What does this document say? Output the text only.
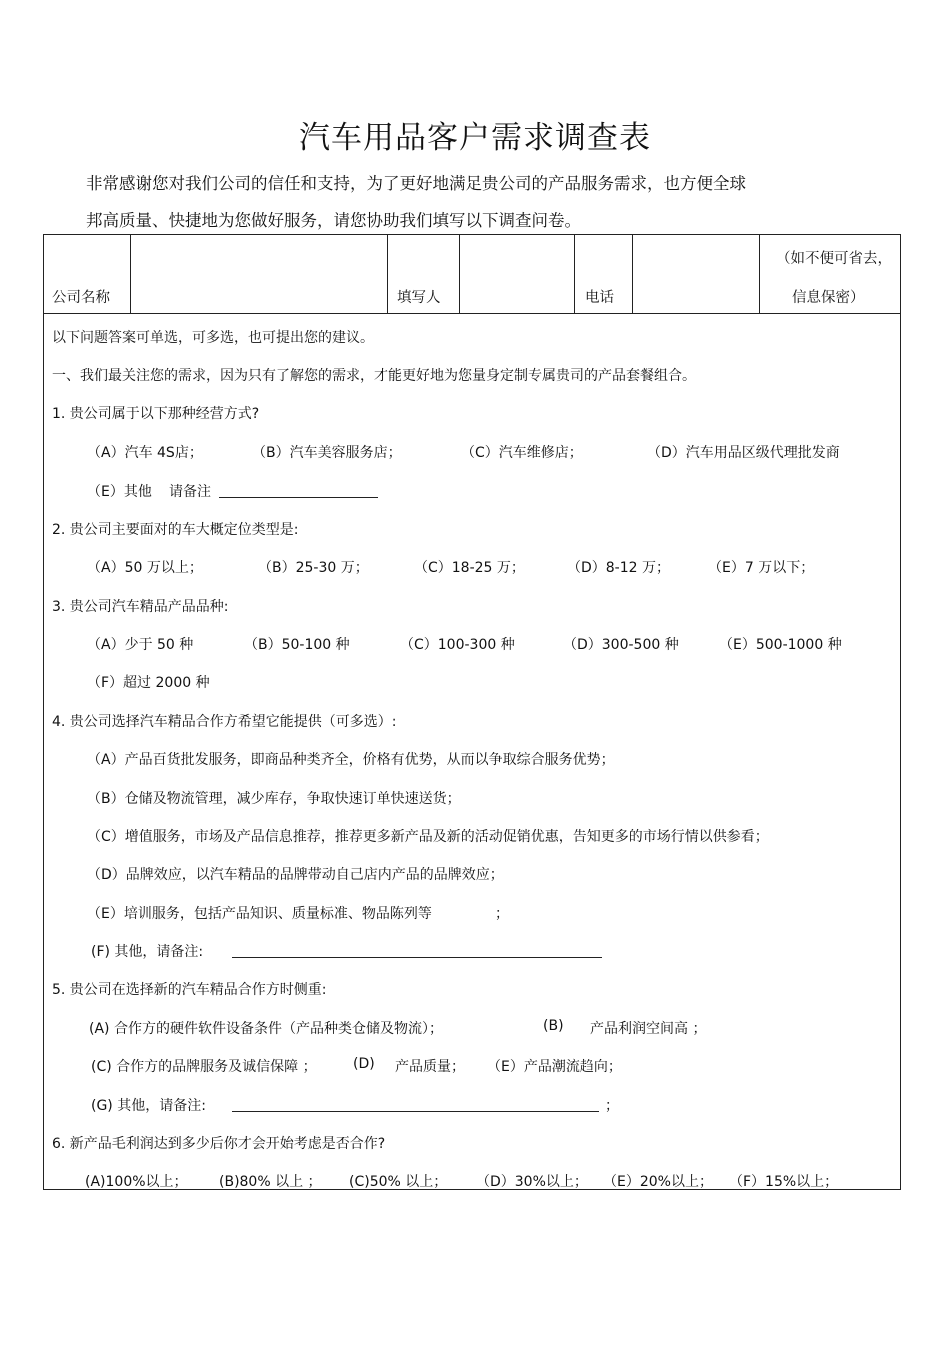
汽车用品客户需求调查表
非常感谢您对我们公司的信任和支持，为了更好地满足贵公司的产品服务需求，也方便全球
邦高质量、快捷地为您做好服务，请您协助我们填写以下调查问卷。
公司名称	填写人	电话
（如不便可省去，
信息保密）
以下问题答案可单选，可多选，也可提出您的建议。
一、我们最关注您的需求，因为只有了解您的需求，才能更好地为您量身定制专属贵司的产品套餐组合。
1. 贵公司属于以下那种经营方式?
（A）汽车 4S店；	（B）汽车美容服务店；	（C）汽车维修店；	（D）汽车用品区级代理批发商
（E）其他 请备注
2. 贵公司主要面对的车大概定位类型是:
（A）50 万以上；	（B）25-30 万；	（C）18-25 万；	（D）8-12 万；	（E）7 万以下；
3. 贵公司汽车精品产品品种:
（A）少于 50 种	（B）50-100 种	（C）100-300 种	（D）300-500 种	（E）500-1000 种
（F）超过 2000 种
4. 贵公司选择汽车精品合作方希望它能提供（可多选）:
（A）产品百货批发服务，即商品种类齐全，价格有优势，从而以争取综合服务优势；
（B）仓储及物流管理，减少库存，争取快速订单快速送货；
（C）增值服务，市场及产品信息推荐，推荐更多新产品及新的活动促销优惠，告知更多的市场行情以供参看；
（D）品牌效应，以汽车精品的品牌带动自己店内产品的品牌效应；
（E）培训服务，包括产品知识、质量标准、物品陈列等	；
(F) 其他，请备注:
5. 贵公司在选择新的汽车精品合作方时侧重:
(A) 合作方的硬件软件设备条件（产品种类仓储及物流）；	(B) 产品利润空间高 ；
(C) 合作方的品牌服务及诚信保障 ；	(D) 产品质量； （E）产品潮流趋向；
(G) 其他，请备注:	；
6. 新产品毛利润达到多少后你才会开始考虑是否合作?
(A)100%以上； (B)80% 以上 ； (C)50% 以上； （D）30%以上； （E）20%以上； （F）15%以上；
